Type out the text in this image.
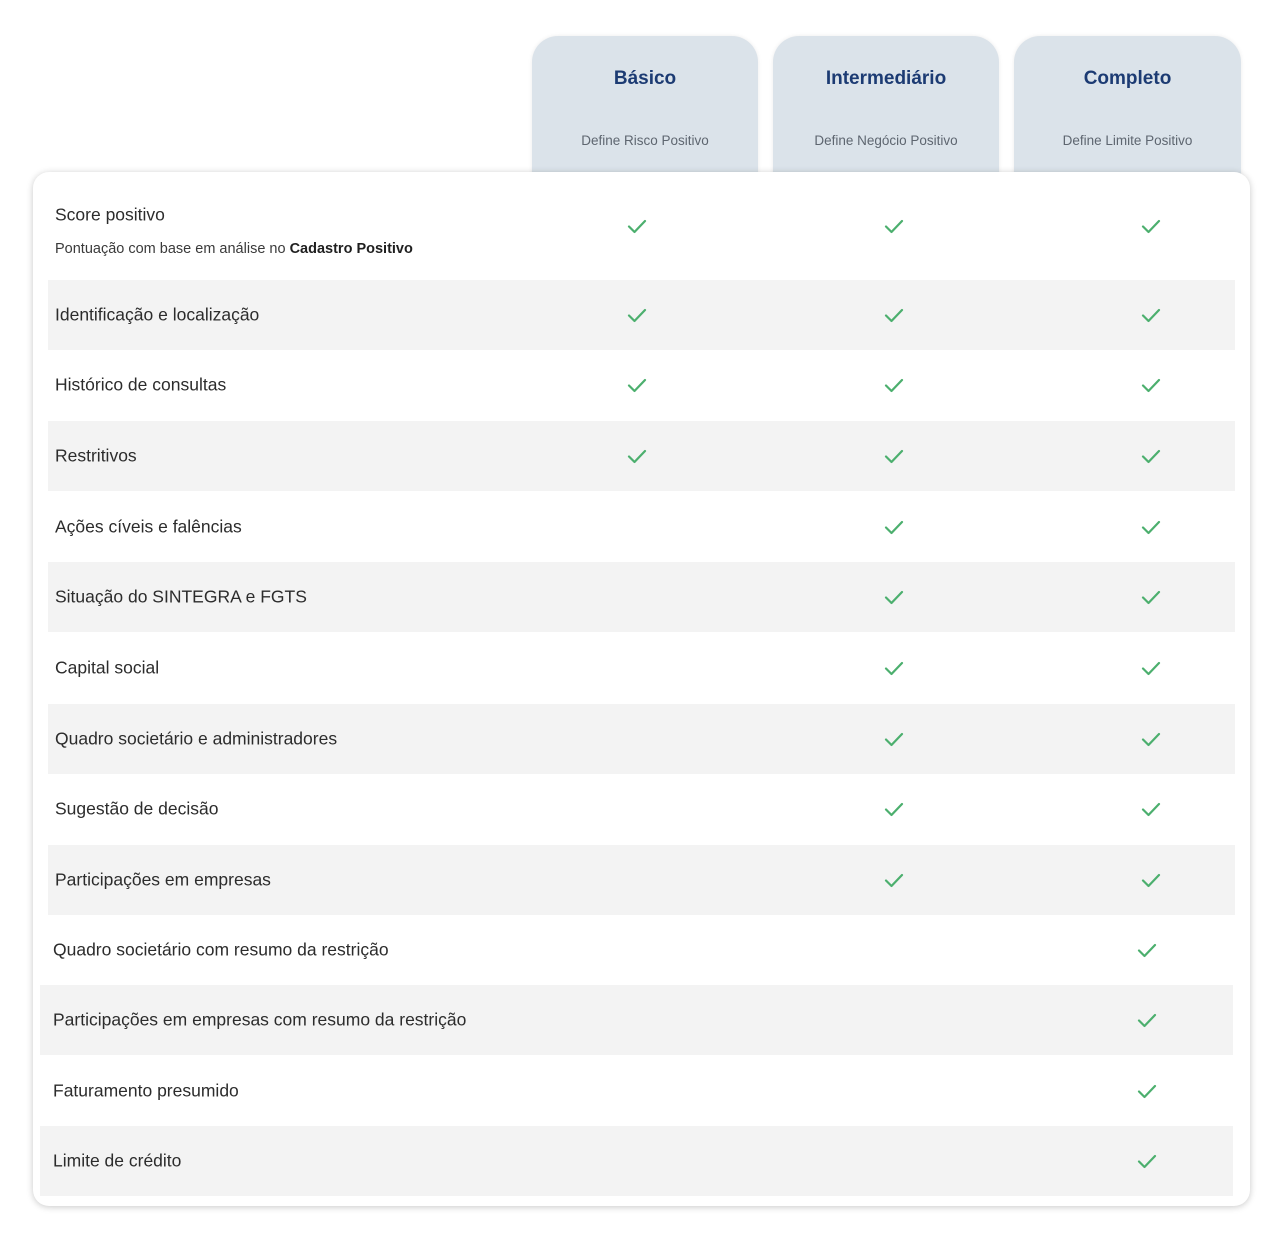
Básico
Define Risco Positivo
Intermediário
Define Negócio Positivo
Completo
Define Limite Positivo
Score positivo
Pontuação com base em análise no Cadastro Positivo
Identificação e localização
Histórico de consultas
Restritivos
Ações cíveis e falências
Situação do SINTEGRA e FGTS
Capital social
Quadro societário e administradores
Sugestão de decisão
Participações em empresas
Quadro societário com resumo da restrição
Participações em empresas com resumo da restrição
Faturamento presumido
Limite de crédito
